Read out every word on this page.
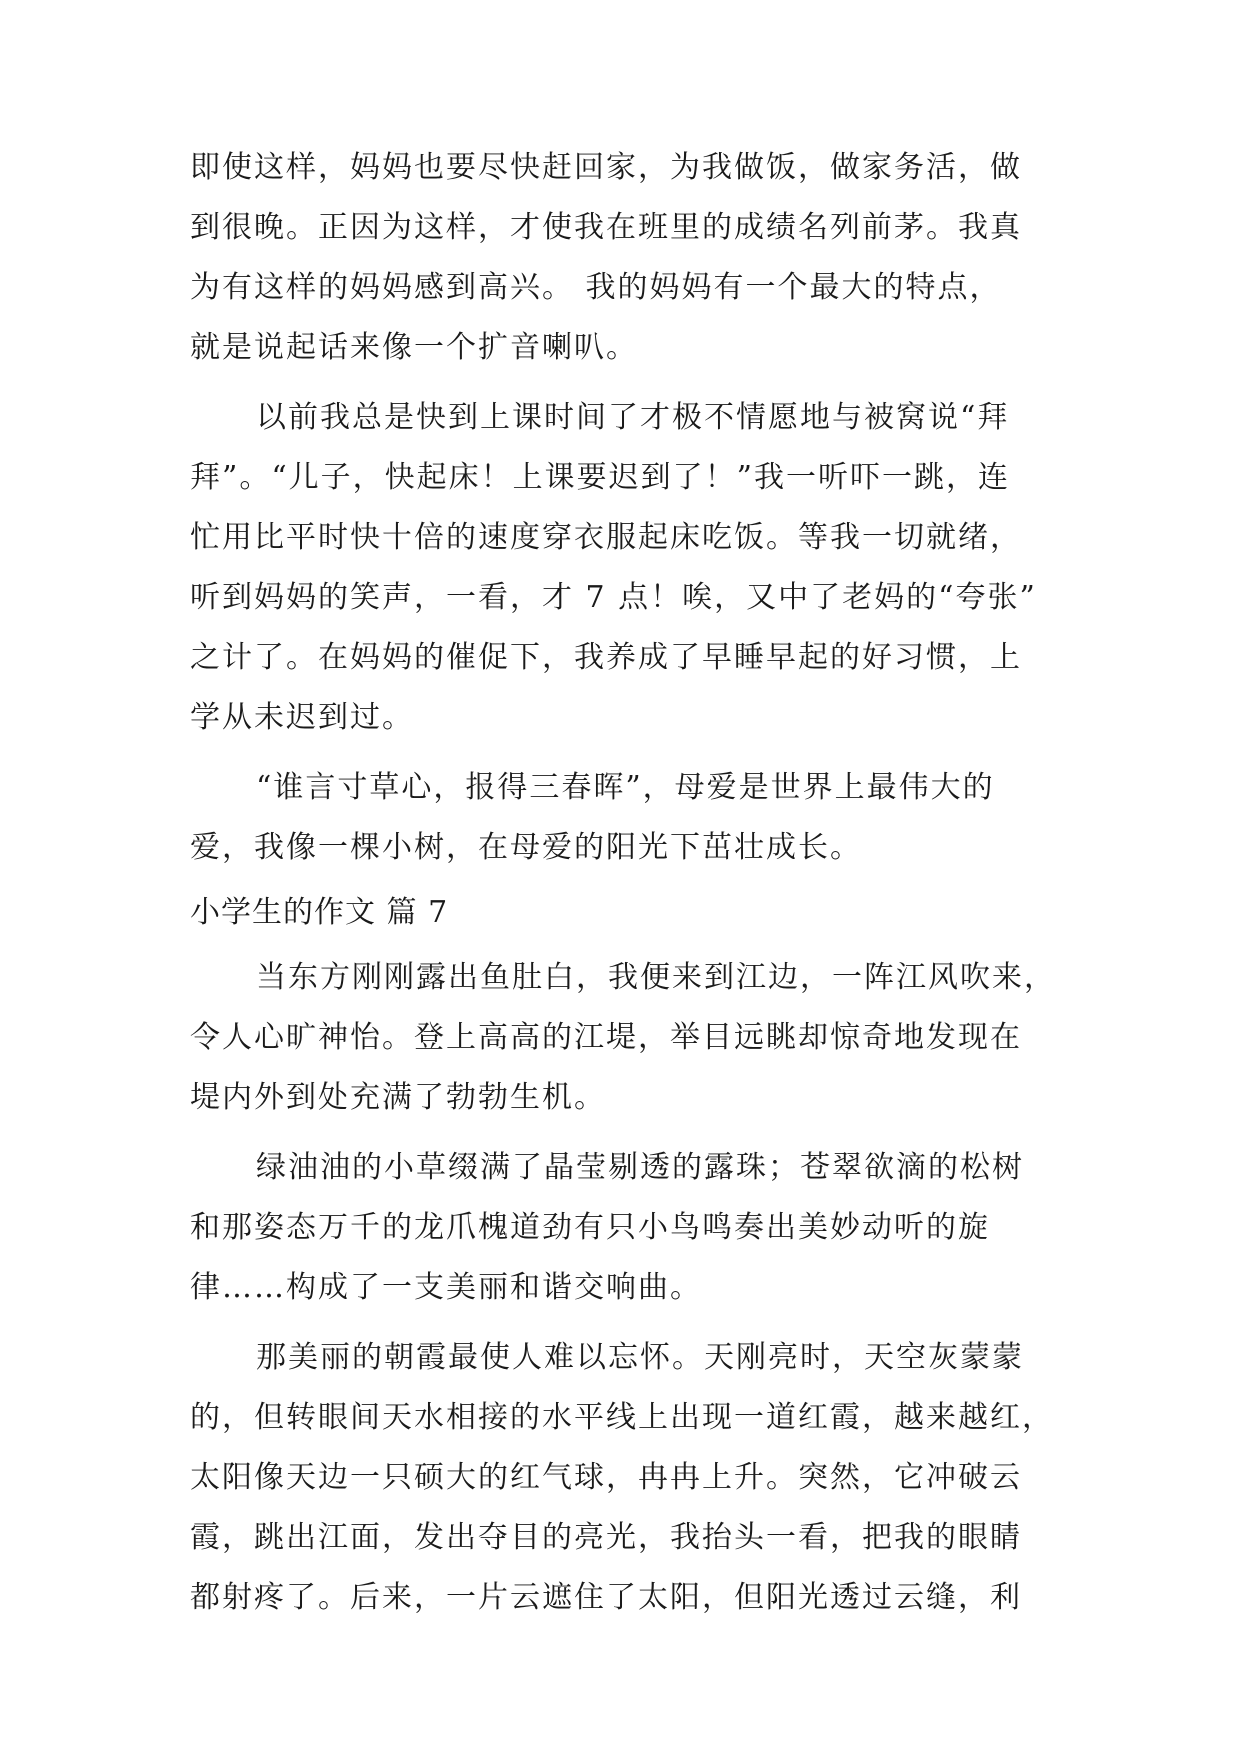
即使这样，妈妈也要尽快赶回家，为我做饭，做家务活，做
到很晚。正因为这样，才使我在班里的成绩名列前茅。我真
为有这样的妈妈感到高兴。 我的妈妈有一个最大的特点，
就是说起话来像一个扩音喇叭。
以前我总是快到上课时间了才极不情愿地与被窝说“拜
拜”。“儿子，快起床！上课要迟到了！”我一听吓一跳，连
忙用比平时快十倍的速度穿衣服起床吃饭。等我一切就绪，
听到妈妈的笑声，一看，才 7 点！唉，又中了老妈的“夸张”
之计了。在妈妈的催促下，我养成了早睡早起的好习惯，上
学从未迟到过。
“谁言寸草心，报得三春晖”，母爱是世界上最伟大的
爱，我像一棵小树，在母爱的阳光下茁壮成长。
小学生的作文 篇 7
当东方刚刚露出鱼肚白，我便来到江边，一阵江风吹来，
令人心旷神怡。登上高高的江堤，举目远眺却惊奇地发现在
堤内外到处充满了勃勃生机。
绿油油的小草缀满了晶莹剔透的露珠；苍翠欲滴的松树
和那姿态万千的龙爪槐道劲有只小鸟鸣奏出美妙动听的旋
律……构成了一支美丽和谐交响曲。
那美丽的朝霞最使人难以忘怀。天刚亮时，天空灰蒙蒙
的，但转眼间天水相接的水平线上出现一道红霞，越来越红，
太阳像天边一只硕大的红气球，冉冉上升。突然，它冲破云
霞，跳出江面，发出夺目的亮光，我抬头一看，把我的眼睛
都射疼了。后来，一片云遮住了太阳，但阳光透过云缝，利
